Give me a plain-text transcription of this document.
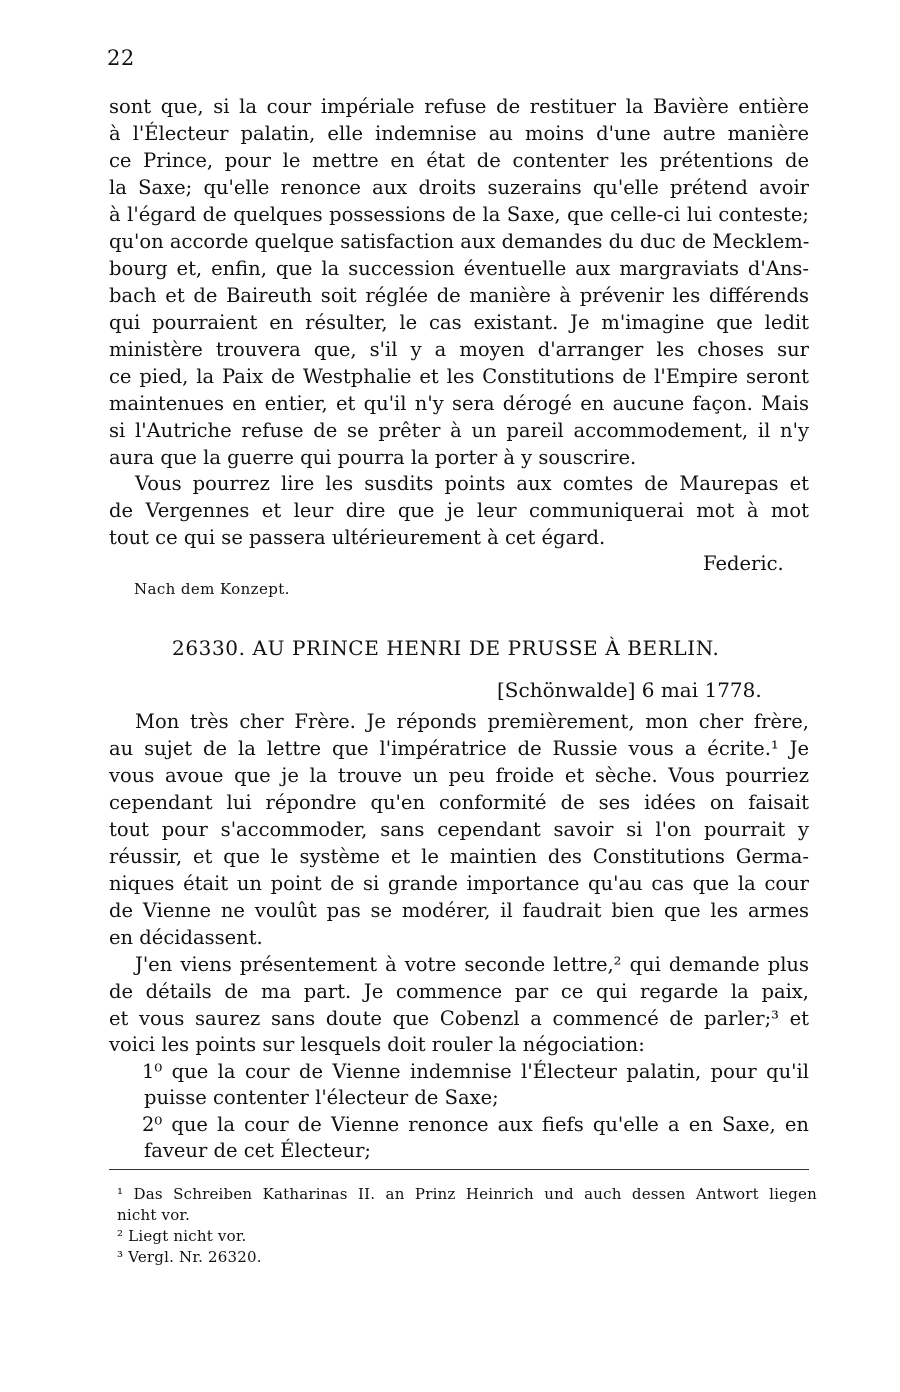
22
sont que, si la cour impériale refuse de restituer la Bavière entière
à l'Électeur palatin, elle indemnise au moins d'une autre manière
ce Prince, pour le mettre en état de contenter les prétentions de
la Saxe; qu'elle renonce aux droits suzerains qu'elle prétend avoir
à l'égard de quelques possessions de la Saxe, que celle-ci lui conteste;
qu'on accorde quelque satisfaction aux demandes du duc de Mecklem-
bourg et, enfin, que la succession éventuelle aux margraviats d'Ans-
bach et de Baireuth soit réglée de manière à prévenir les différends
qui pourraient en résulter, le cas existant. Je m'imagine que ledit
ministère trouvera que, s'il y a moyen d'arranger les choses sur
ce pied, la Paix de Westphalie et les Constitutions de l'Empire seront
maintenues en entier, et qu'il n'y sera dérogé en aucune façon. Mais
si l'Autriche refuse de se prêter à un pareil accommodement, il n'y
aura que la guerre qui pourra la porter à y souscrire.
Vous pourrez lire les susdits points aux comtes de Maurepas et
de Vergennes et leur dire que je leur communiquerai mot à mot
tout ce qui se passera ultérieurement à cet égard.
Federic.
Nach dem Konzept.
26330. AU PRINCE HENRI DE PRUSSE À BERLIN.
[Schönwalde] 6 mai 1778.
Mon très cher Frère. Je réponds premièrement, mon cher frère,
au sujet de la lettre que l'impératrice de Russie vous a écrite.¹ Je
vous avoue que je la trouve un peu froide et sèche. Vous pourriez
cependant lui répondre qu'en conformité de ses idées on faisait
tout pour s'accommoder, sans cependant savoir si l'on pourrait y
réussir, et que le système et le maintien des Constitutions Germa-
niques était un point de si grande importance qu'au cas que la cour
de Vienne ne voulût pas se modérer, il faudrait bien que les armes
en décidassent.
J'en viens présentement à votre seconde lettre,² qui demande plus
de détails de ma part. Je commence par ce qui regarde la paix,
et vous saurez sans doute que Cobenzl a commencé de parler;³ et
voici les points sur lesquels doit rouler la négociation:
1⁰ que la cour de Vienne indemnise l'Électeur palatin, pour qu'il
puisse contenter l'électeur de Saxe;
2⁰ que la cour de Vienne renonce aux fiefs qu'elle a en Saxe, en
faveur de cet Électeur;
¹ Das Schreiben Katharinas II. an Prinz Heinrich und auch dessen Antwort liegen
nicht vor.
² Liegt nicht vor.
³ Vergl. Nr. 26320.
